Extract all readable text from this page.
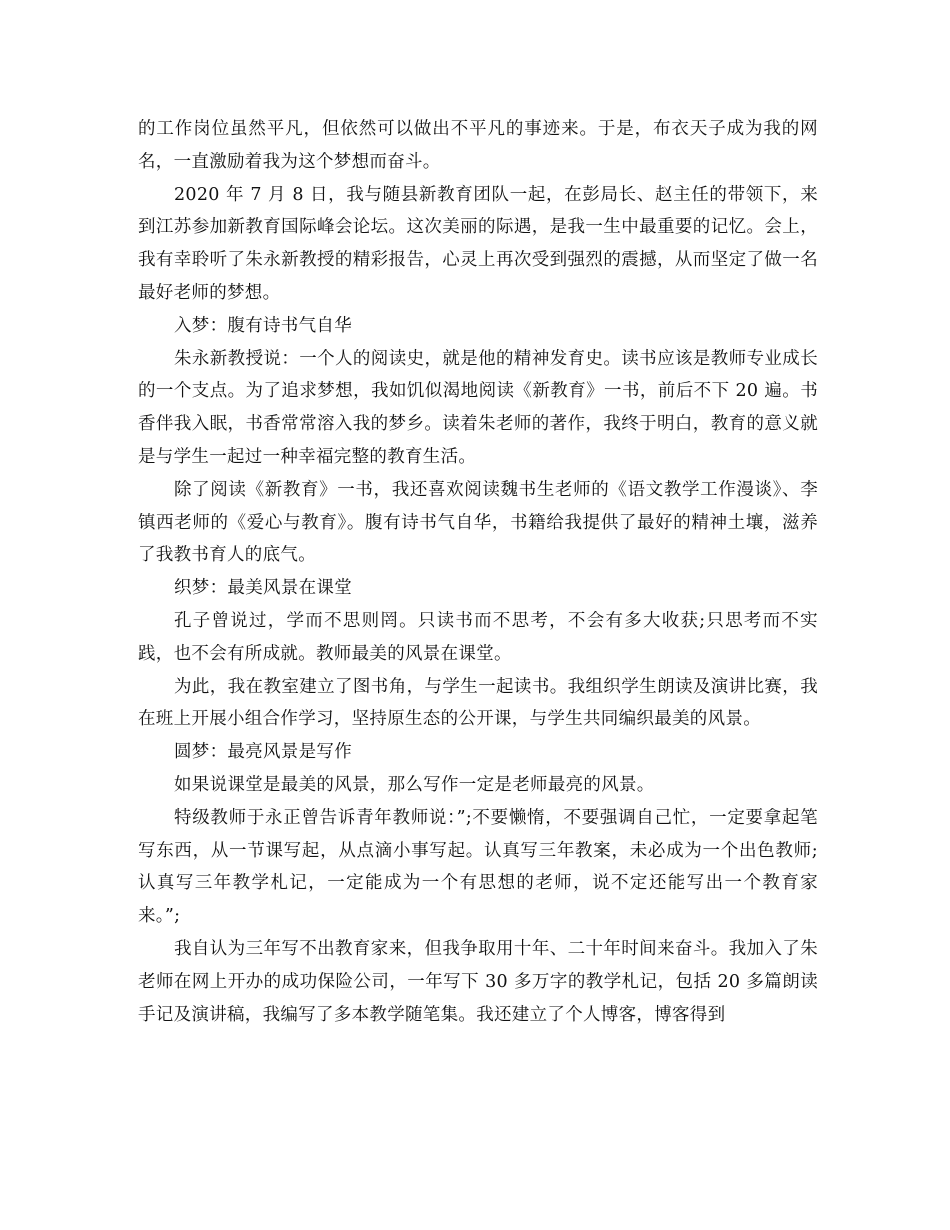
的工作岗位虽然平凡，但依然可以做出不平凡的事迹来。于是，布衣天子成为我的网名，一直激励着我为这个梦想而奋斗。

2020 年 7 月 8 日，我与随县新教育团队一起，在彭局长、赵主任的带领下，来到江苏参加新教育国际峰会论坛。这次美丽的际遇，是我一生中最重要的记忆。会上，我有幸聆听了朱永新教授的精彩报告，心灵上再次受到强烈的震撼，从而坚定了做一名最好老师的梦想。

入梦：腹有诗书气自华

朱永新教授说：一个人的阅读史，就是他的精神发育史。读书应该是教师专业成长的一个支点。为了追求梦想，我如饥似渴地阅读《新教育》一书，前后不下 20 遍。书香伴我入眠，书香常常溶入我的梦乡。读着朱老师的著作，我终于明白，教育的意义就是与学生一起过一种幸福完整的教育生活。

除了阅读《新教育》一书，我还喜欢阅读魏书生老师的《语文教学工作漫谈》、李镇西老师的《爱心与教育》。腹有诗书气自华，书籍给我提供了最好的精神土壤，滋养了我教书育人的底气。

织梦：最美风景在课堂

孔子曾说过，学而不思则罔。只读书而不思考，不会有多大收获;只思考而不实践，也不会有所成就。教师最美的风景在课堂。

为此，我在教室建立了图书角，与学生一起读书。我组织学生朗读及演讲比赛，我在班上开展小组合作学习，坚持原生态的公开课，与学生共同编织最美的风景。

圆梦：最亮风景是写作

如果说课堂是最美的风景，那么写作一定是老师最亮的风景。

特级教师于永正曾告诉青年教师说：”;不要懒惰，不要强调自己忙，一定要拿起笔写东西，从一节课写起，从点滴小事写起。认真写三年教案，未必成为一个出色教师;认真写三年教学札记，一定能成为一个有思想的老师，说不定还能写出一个教育家来。”;

我自认为三年写不出教育家来，但我争取用十年、二十年时间来奋斗。我加入了朱老师在网上开办的成功保险公司，一年写下 30 多万字的教学札记，包括 20 多篇朗读手记及演讲稿，我编写了多本教学随笔集。我还建立了个人博客，博客得到
